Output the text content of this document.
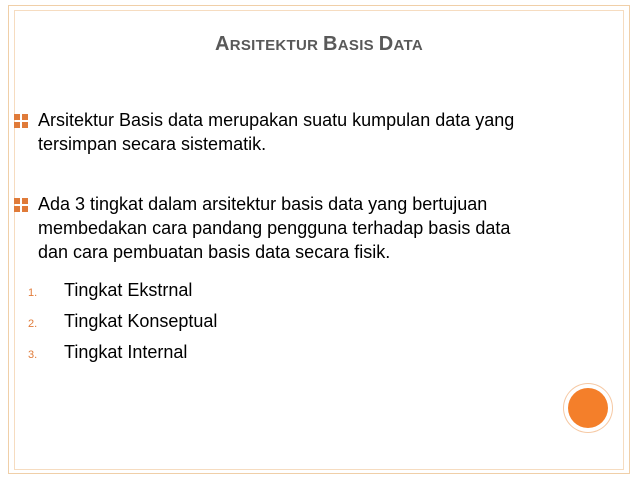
ARSITEKTUR BASIS DATA
Arsitektur Basis data merupakan suatu kumpulan data yang
tersimpan secara sistematik.
Ada 3 tingkat dalam arsitektur basis data yang bertujuan
membedakan cara pandang pengguna terhadap basis data
dan cara pembuatan basis data secara fisik.
1. Tingkat Ekstrnal
2. Tingkat Konseptual
3. Tingkat Internal
